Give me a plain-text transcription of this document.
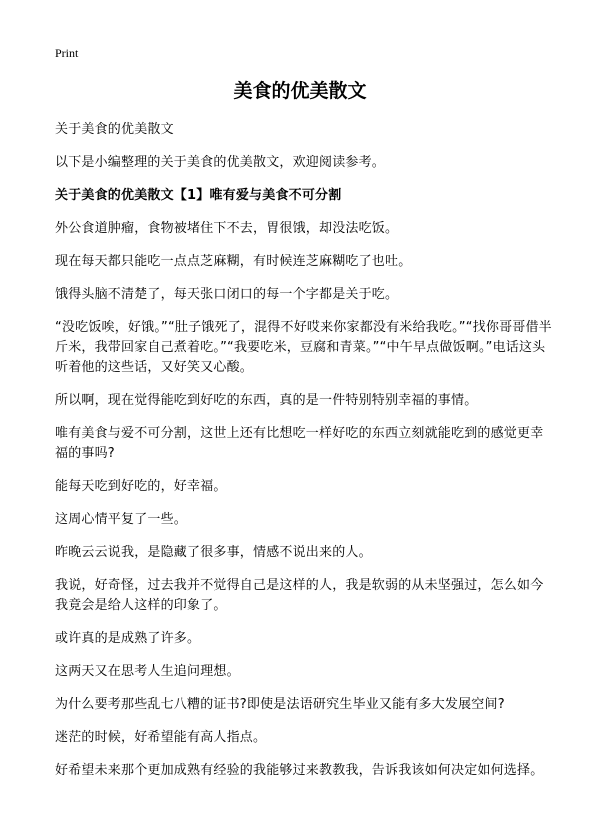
Print
美食的优美散文

关于美食的优美散文

以下是小编整理的关于美食的优美散文，欢迎阅读参考。

关于美食的优美散文【1】唯有爱与美食不可分割

外公食道肿瘤，食物被堵住下不去，胃很饿，却没法吃饭。

现在每天都只能吃一点点芝麻糊，有时候连芝麻糊吃了也吐。

饿得头脑不清楚了，每天张口闭口的每一个字都是关于吃。

“没吃饭唉，好饿。”“肚子饿死了，混得不好哎来你家都没有米给我吃。”“找你哥哥借半斤米，我带回家自己煮着吃。”“我要吃米，豆腐和青菜。”“中午早点做饭啊。”电话这头听着他的这些话，又好笑又心酸。

所以啊，现在觉得能吃到好吃的东西，真的是一件特别特别幸福的事情。

唯有美食与爱不可分割，这世上还有比想吃一样好吃的东西立刻就能吃到的感觉更幸福的事吗?

能每天吃到好吃的，好幸福。

这周心情平复了一些。

昨晚云云说我，是隐藏了很多事，情感不说出来的人。

我说，好奇怪，过去我并不觉得自己是这样的人，我是软弱的从未坚强过，怎么如今我竟会是给人这样的印象了。

或许真的是成熟了许多。

这两天又在思考人生追问理想。

为什么要考那些乱七八糟的证书?即使是法语研究生毕业又能有多大发展空间?

迷茫的时候，好希望能有高人指点。

好希望未来那个更加成熟有经验的我能够过来教教我，告诉我该如何决定如何选择。
